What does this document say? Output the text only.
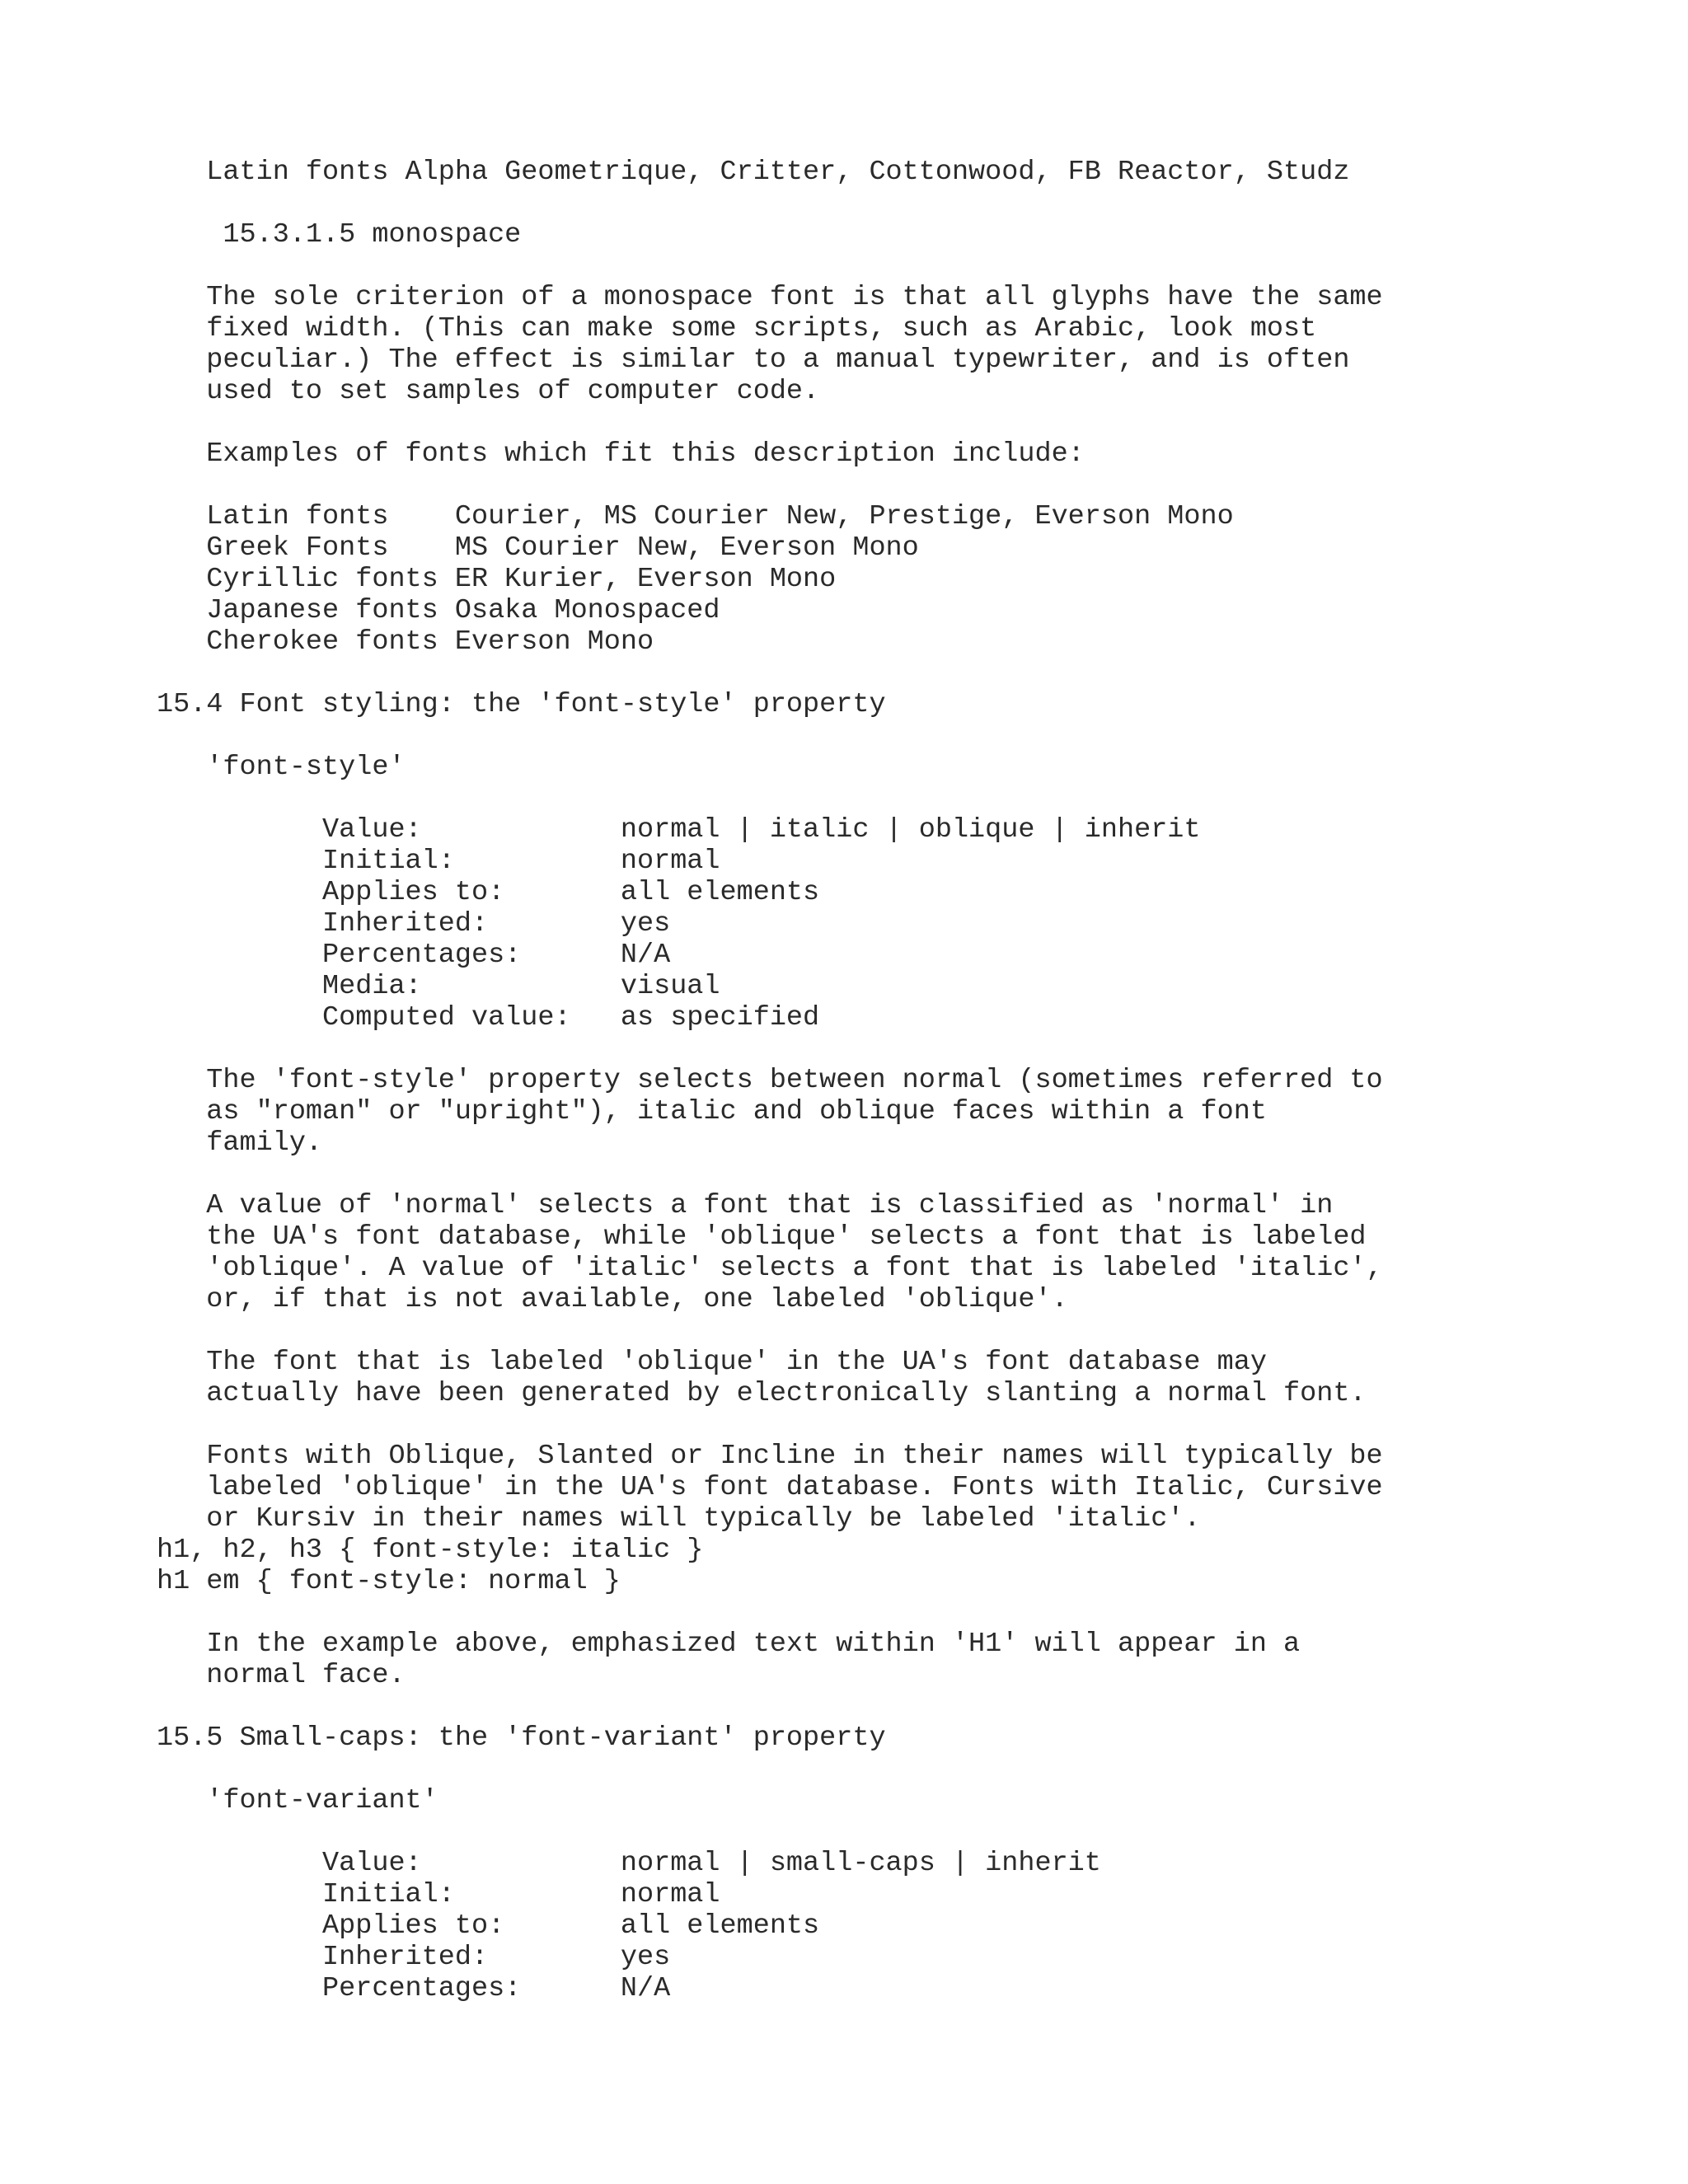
Latin fonts Alpha Geometrique, Critter, Cottonwood, FB Reactor, Studz
15.3.1.5 monospace
The sole criterion of a monospace font is that all glyphs have the same
fixed width. (This can make some scripts, such as Arabic, look most
peculiar.) The effect is similar to a manual typewriter, and is often
used to set samples of computer code.
Examples of fonts which fit this description include:
Latin fonts    Courier, MS Courier New, Prestige, Everson Mono
Greek Fonts    MS Courier New, Everson Mono
Cyrillic fonts ER Kurier, Everson Mono
Japanese fonts Osaka Monospaced
Cherokee fonts Everson Mono
15.4 Font styling: the 'font-style' property
'font-style'
Value:            normal | italic | oblique | inherit
Initial:          normal
Applies to:       all elements
Inherited:        yes
Percentages:      N/A
Media:            visual
Computed value:   as specified
The 'font-style' property selects between normal (sometimes referred to
as "roman" or "upright"), italic and oblique faces within a font
family.
A value of 'normal' selects a font that is classified as 'normal' in
the UA's font database, while 'oblique' selects a font that is labeled
'oblique'. A value of 'italic' selects a font that is labeled 'italic',
or, if that is not available, one labeled 'oblique'.
The font that is labeled 'oblique' in the UA's font database may
actually have been generated by electronically slanting a normal font.
Fonts with Oblique, Slanted or Incline in their names will typically be
labeled 'oblique' in the UA's font database. Fonts with Italic, Cursive
or Kursiv in their names will typically be labeled 'italic'.
h1, h2, h3 { font-style: italic }
h1 em { font-style: normal }
In the example above, emphasized text within 'H1' will appear in a
normal face.
15.5 Small-caps: the 'font-variant' property
'font-variant'
Value:            normal | small-caps | inherit
Initial:          normal
Applies to:       all elements
Inherited:        yes
Percentages:      N/A
